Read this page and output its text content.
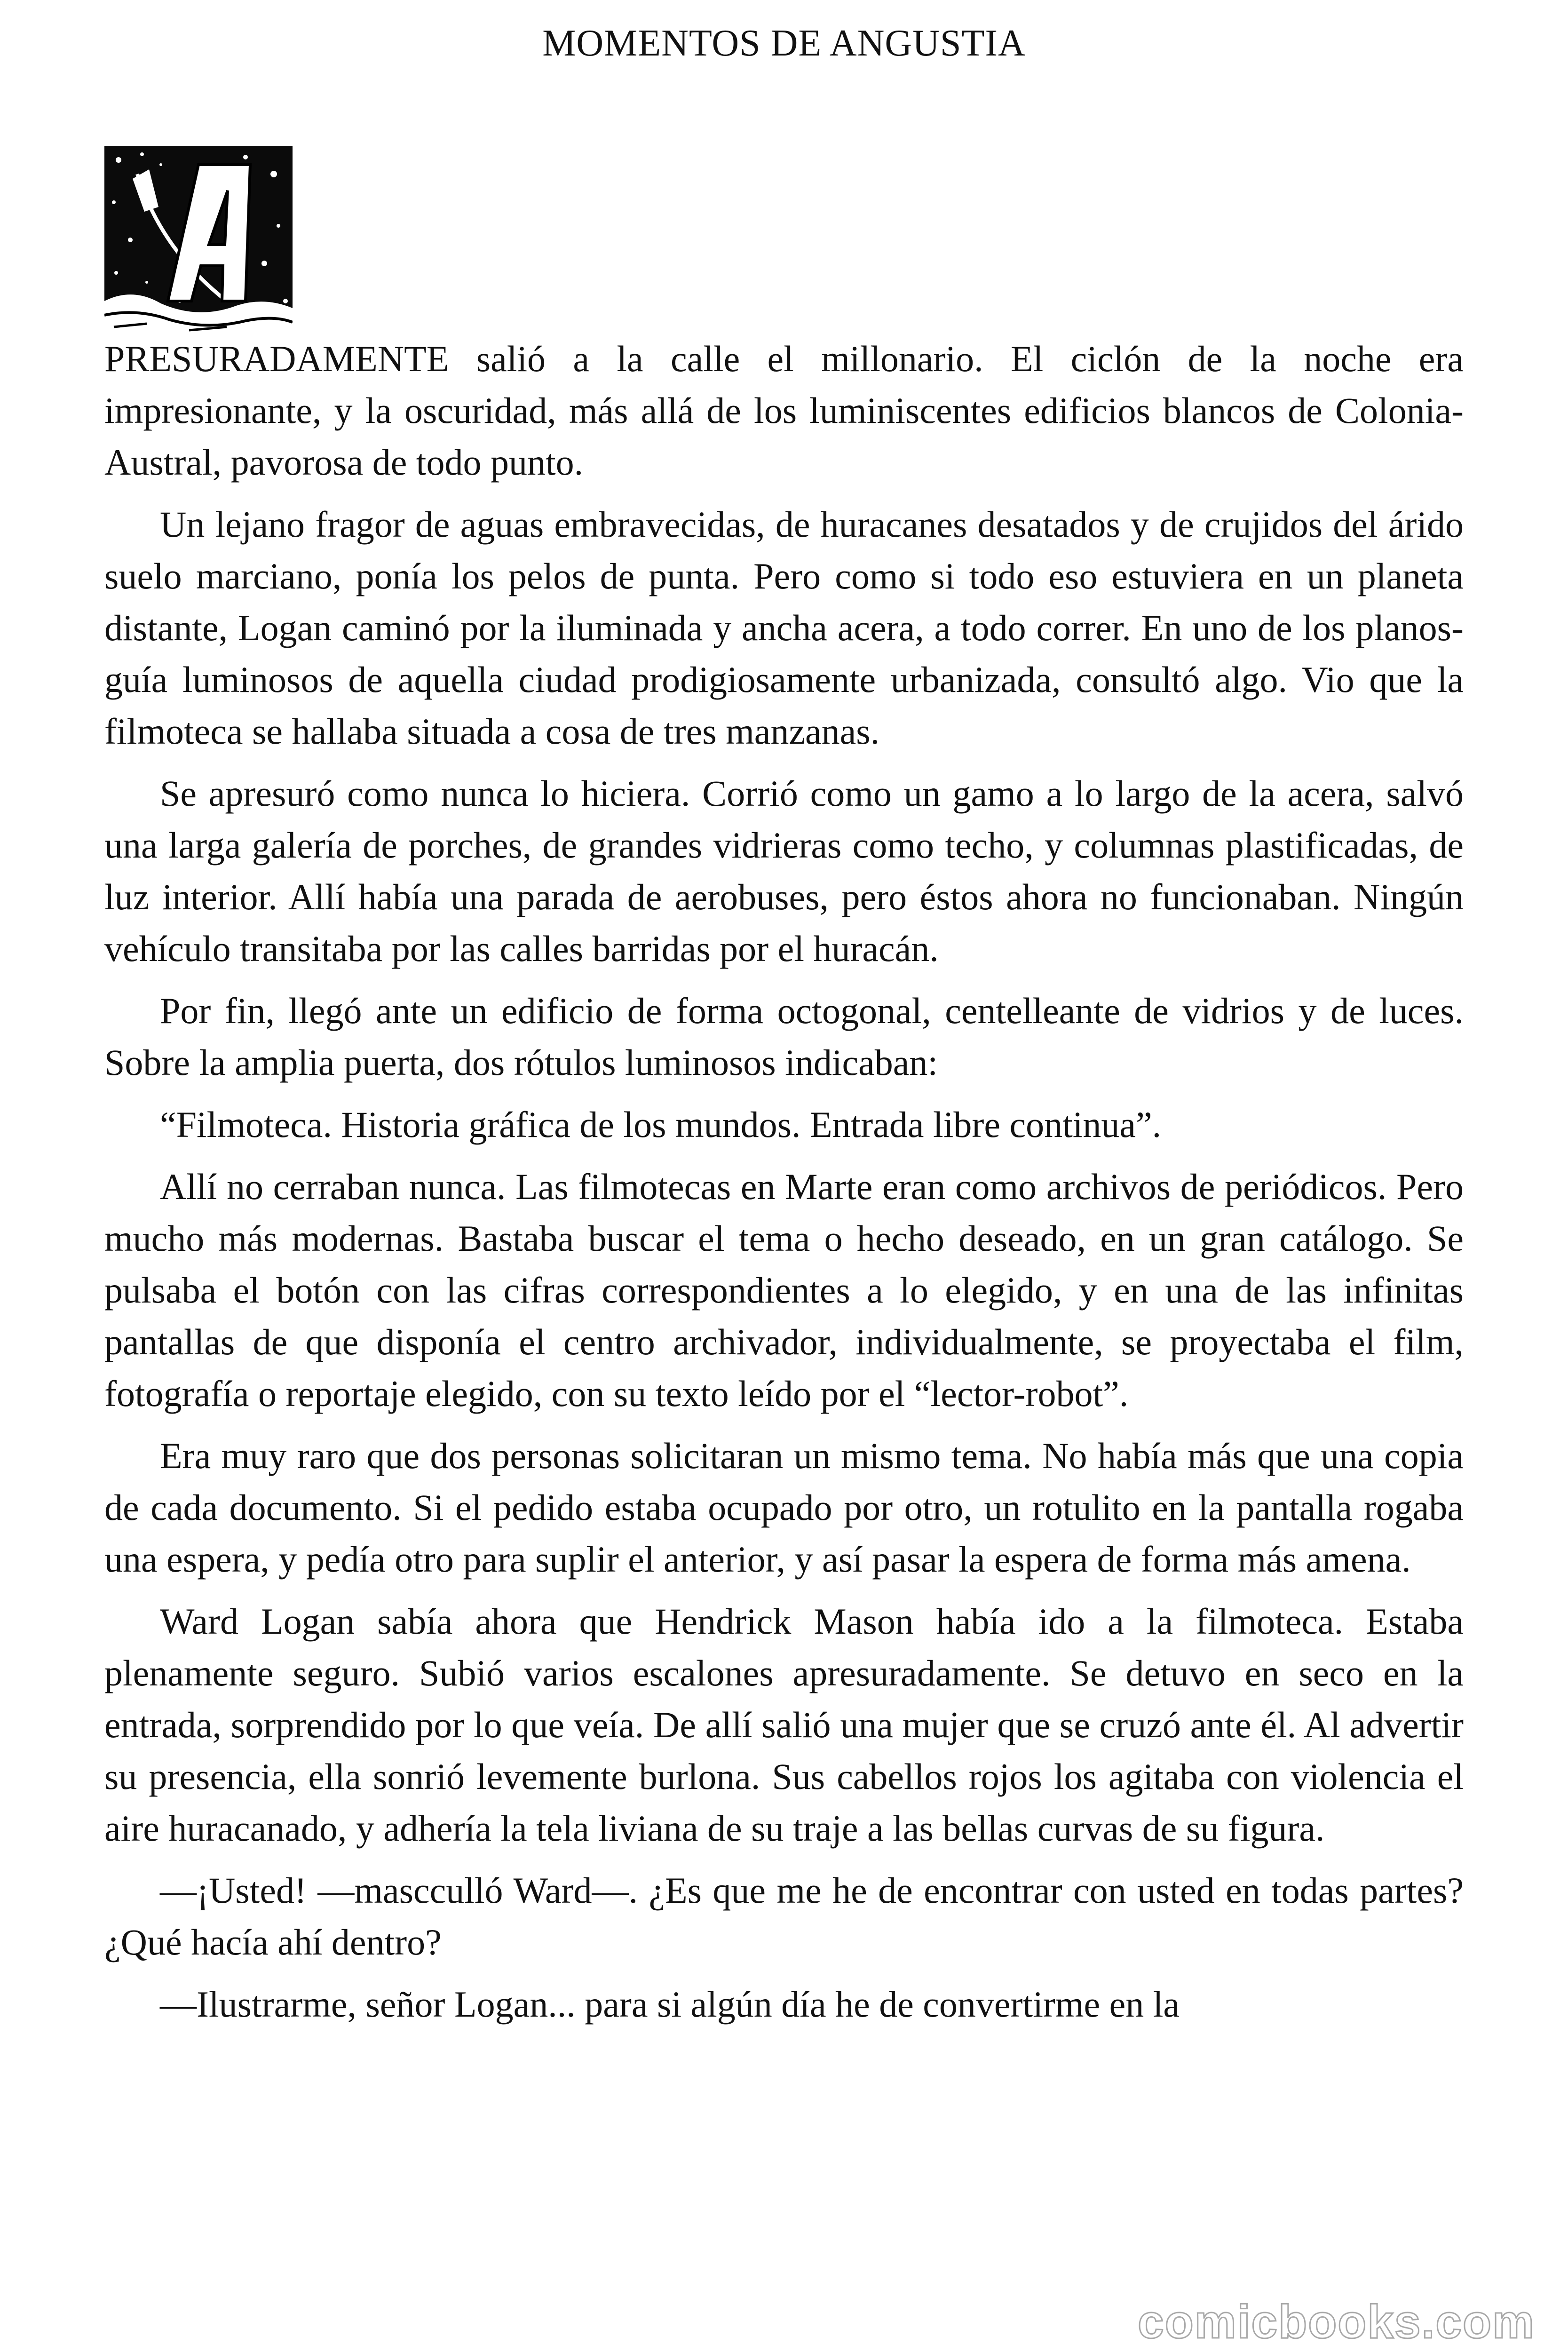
MOMENTOS DE ANGUSTIA

PRESURADAMENTE salió a la calle el millonario. El ciclón de la noche era impresionante, y la oscuridad, más allá de los luminiscentes edificios blancos de Colonia-Austral, pavorosa de todo punto.

Un lejano fragor de aguas embravecidas, de huracanes desatados y de crujidos del árido suelo marciano, ponía los pelos de punta. Pero como si todo eso estuviera en un planeta distante, Logan caminó por la iluminada y ancha acera, a todo correr. En uno de los planos-guía luminosos de aquella ciudad prodigiosamente urbanizada, consultó algo. Vio que la filmoteca se hallaba situada a cosa de tres manzanas.

Se apresuró como nunca lo hiciera. Corrió como un gamo a lo largo de la acera, salvó una larga galería de porches, de grandes vidrieras como techo, y columnas plastificadas, de luz interior. Allí había una parada de aerobuses, pero éstos ahora no funcionaban. Ningún vehículo transitaba por las calles barridas por el huracán.

Por fin, llegó ante un edificio de forma octogonal, centelleante de vidrios y de luces. Sobre la amplia puerta, dos rótulos luminosos indicaban:

“Filmoteca. Historia gráfica de los mundos. Entrada libre continua”.

Allí no cerraban nunca. Las filmotecas en Marte eran como archivos de periódicos. Pero mucho más modernas. Bastaba buscar el tema o hecho deseado, en un gran catálogo. Se pulsaba el botón con las cifras correspondientes a lo elegido, y en una de las infinitas pantallas de que disponía el centro archivador, individualmente, se proyectaba el film, fotografía o reportaje elegido, con su texto leído por el “lector-robot”.

Era muy raro que dos personas solicitaran un mismo tema. No había más que una copia de cada documento. Si el pedido estaba ocupado por otro, un rotulito en la pantalla rogaba una espera, y pedía otro para suplir el anterior, y así pasar la espera de forma más amena.

Ward Logan sabía ahora que Hendrick Mason había ido a la filmoteca. Estaba plenamente seguro. Subió varios escalones apresuradamente. Se detuvo en seco en la entrada, sorprendido por lo que veía. De allí salió una mujer que se cruzó ante él. Al advertir su presencia, ella sonrió levemente burlona. Sus cabellos rojos los agitaba con violencia el aire huracanado, y adhería la tela liviana de su traje a las bellas curvas de su figura.

—¡Usted! —mascculló Ward—. ¿Es que me he de encontrar con usted en todas partes? ¿Qué hacía ahí dentro?

—Ilustrarme, señor Logan... para si algún día he de convertirme en la

comicbooks.com
